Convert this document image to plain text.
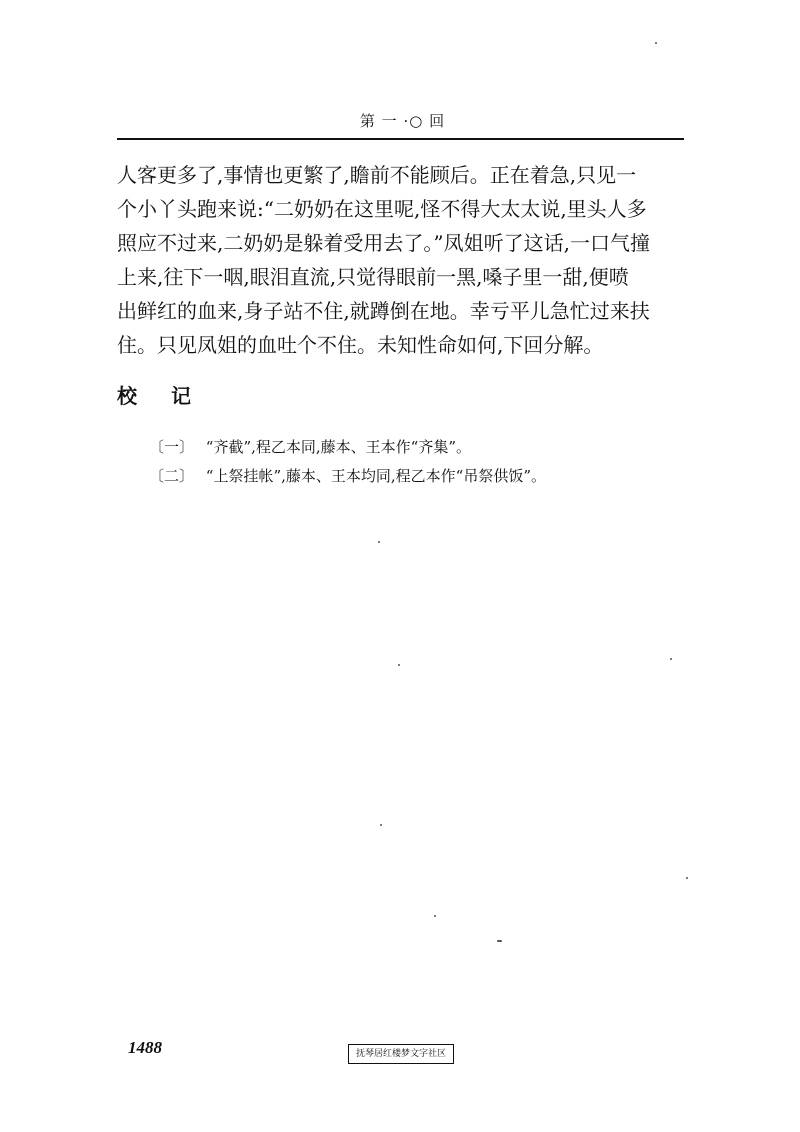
第 一 ·○ 回
人客更多了,事情也更繁了,瞻前不能顾后。正在着急,只见一
个小丫头跑来说:“二奶奶在这里呢,怪不得大太太说,里头人多
照应不过来,二奶奶是躲着受用去了。”凤姐听了这话,一口气撞
上来,往下一咽,眼泪直流,只觉得眼前一黑,嗓子里一甜,便喷
出鲜红的血来,身子站不住,就蹲倒在地。幸亏平儿急忙过来扶
住。只见凤姐的血吐个不住。未知性命如何,下回分解。
校记
〔一〕 “齐截”,程乙本同,藤本、王本作“齐集”。
〔二〕 “上祭挂帐”,藤本、王本均同,程乙本作“吊祭供饭”。
1488	抚琴居红楼梦文字社区
